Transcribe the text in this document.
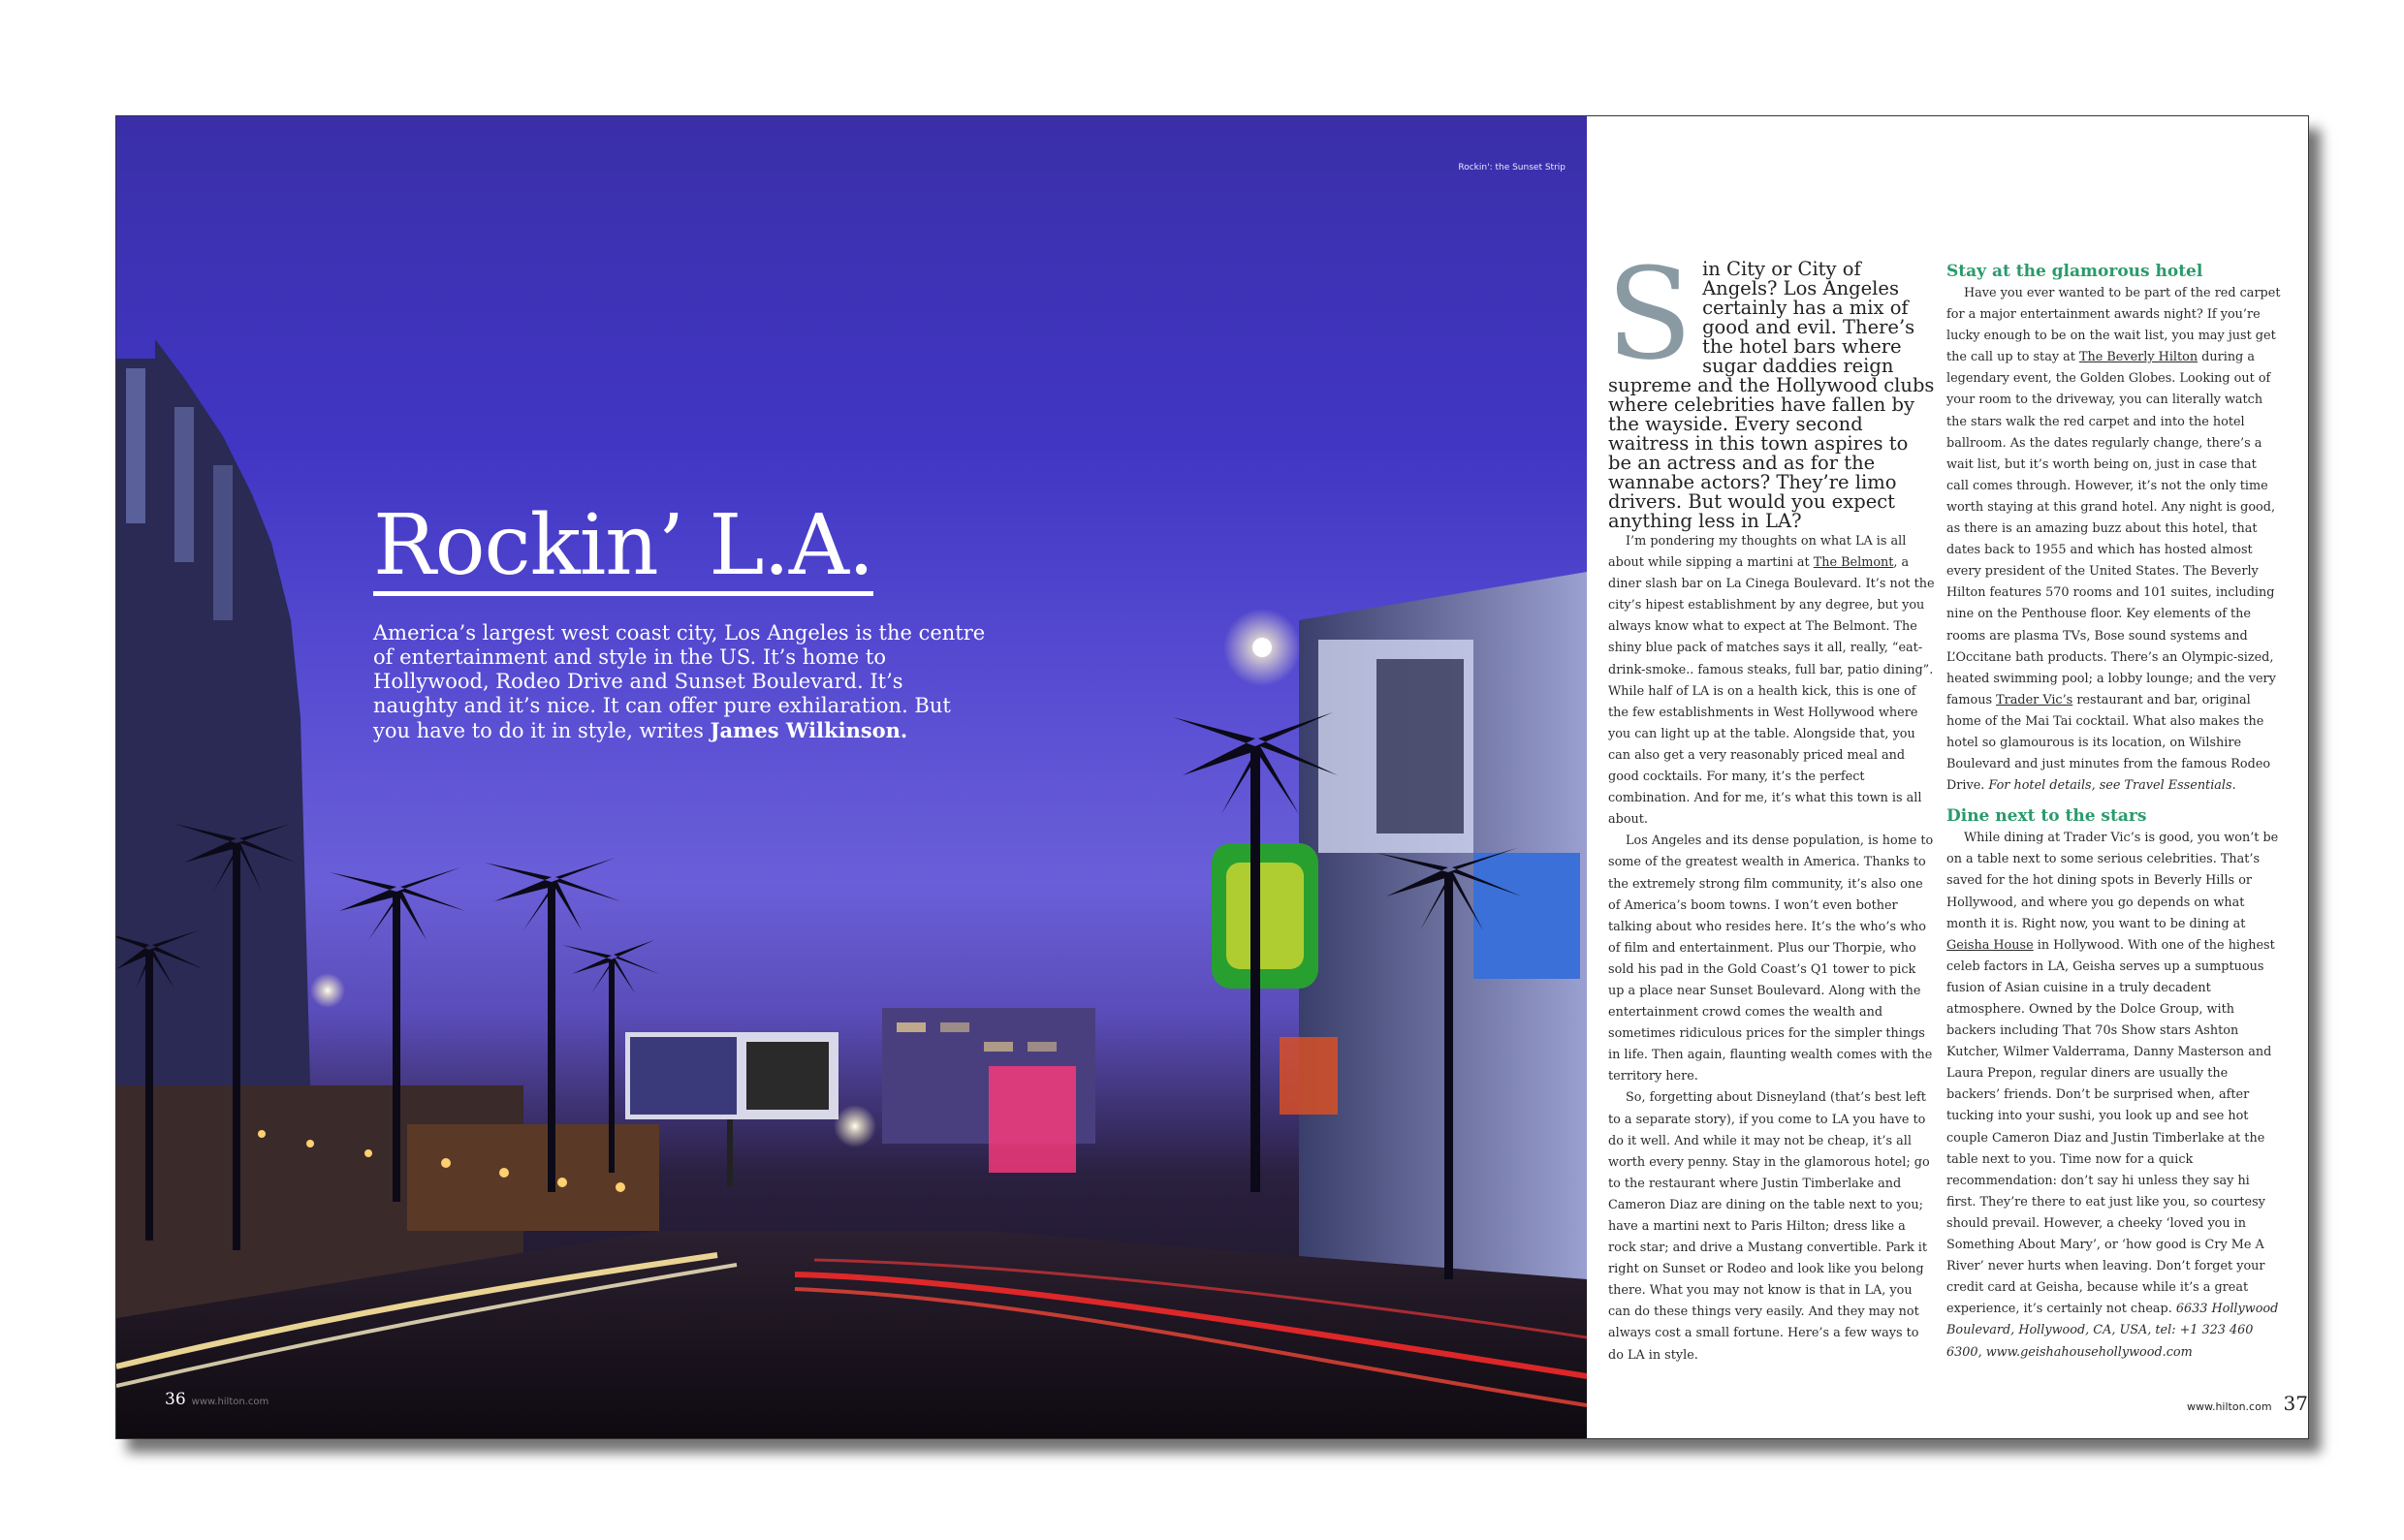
Rockin': the Sunset Strip
Rockin’ L.A.

America’s largest west coast city, Los Angeles is the centre of entertainment and style in the US. It’s home to Hollywood, Rodeo Drive and Sunset Boulevard. It’s naughty and it’s nice. It can offer pure exhilaration. But you have to do it in style, writes James Wilkinson.

36 www.hilton.com
S in City or City of Angels? Los Angeles certainly has a mix of good and evil. There’s the hotel bars where sugar daddies reign supreme and the Hollywood clubs where celebrities have fallen by the wayside. Every second waitress in this town aspires to be an actress and as for the wannabe actors? They’re limo drivers. But would you expect anything less in LA?

I’m pondering my thoughts on what LA is all about while sipping a martini at The Belmont, a diner slash bar on La Cinega Boulevard. It’s not the city’s hipest establishment by any degree, but you always know what to expect at The Belmont. The shiny blue pack of matches says it all, really, “eat-drink-smoke.. famous steaks, full bar, patio dining”. While half of LA is on a health kick, this is one of the few establishments in West Hollywood where you can light up at the table. Alongside that, you can also get a very reasonably priced meal and good cocktails. For many, it’s the perfect combination. And for me, it’s what this town is all about.

Los Angeles and its dense population, is home to some of the greatest wealth in America. Thanks to the extremely strong film community, it’s also one of America’s boom towns. I won’t even bother talking about who resides here. It’s the who’s who of film and entertainment. Plus our Thorpie, who sold his pad in the Gold Coast’s Q1 tower to pick up a place near Sunset Boulevard. Along with the entertainment crowd comes the wealth and sometimes ridiculous prices for the simpler things in life. Then again, flaunting wealth comes with the territory here.

So, forgetting about Disneyland (that’s best left to a separate story), if you come to LA you have to do it well. And while it may not be cheap, it’s all worth every penny. Stay in the glamorous hotel; go to the restaurant where Justin Timberlake and Cameron Diaz are dining on the table next to you; have a martini next to Paris Hilton; dress like a rock star; and drive a Mustang convertible. Park it right on Sunset or Rodeo and look like you belong there. What you may not know is that in LA, you can do these things very easily. And they may not always cost a small fortune. Here’s a few ways to do LA in style.

Stay at the glamorous hotel

Have you ever wanted to be part of the red carpet for a major entertainment awards night? If you’re lucky enough to be on the wait list, you may just get the call up to stay at The Beverly Hilton during a legendary event, the Golden Globes. Looking out of your room to the driveway, you can literally watch the stars walk the red carpet and into the hotel ballroom. As the dates regularly change, there’s a wait list, but it’s worth being on, just in case that call comes through. However, it’s not the only time worth staying at this grand hotel. Any night is good, as there is an amazing buzz about this hotel, that dates back to 1955 and which has hosted almost every president of the United States. The Beverly Hilton features 570 rooms and 101 suites, including nine on the Penthouse floor. Key elements of the rooms are plasma TVs, Bose sound systems and L’Occitane bath products. There’s an Olympic-sized, heated swimming pool; a lobby lounge; and the very famous Trader Vic’s restaurant and bar, original home of the Mai Tai cocktail. What also makes the hotel so glamourous is its location, on Wilshire Boulevard and just minutes from the famous Rodeo Drive. For hotel details, see Travel Essentials.

Dine next to the stars

While dining at Trader Vic’s is good, you won’t be on a table next to some serious celebrities. That’s saved for the hot dining spots in Beverly Hills or Hollywood, and where you go depends on what month it is. Right now, you want to be dining at Geisha House in Hollywood. With one of the highest celeb factors in LA, Geisha serves up a sumptuous fusion of Asian cuisine in a truly decadent atmosphere. Owned by the Dolce Group, with backers including That 70s Show stars Ashton Kutcher, Wilmer Valderrama, Danny Masterson and Laura Prepon, regular diners are usually the backers’ friends. Don’t be surprised when, after tucking into your sushi, you look up and see hot couple Cameron Diaz and Justin Timberlake at the table next to you. Time now for a quick recommendation: don’t say hi unless they say hi first. They’re there to eat just like you, so courtesy should prevail. However, a cheeky ‘loved you in Something About Mary’, or ‘how good is Cry Me A River’ never hurts when leaving. Don’t forget your credit card at Geisha, because while it’s a great experience, it’s certainly not cheap. 6633 Hollywood Boulevard, Hollywood, CA, USA, tel: +1 323 460 6300, www.geishahousehollywood.com

www.hilton.com 37
